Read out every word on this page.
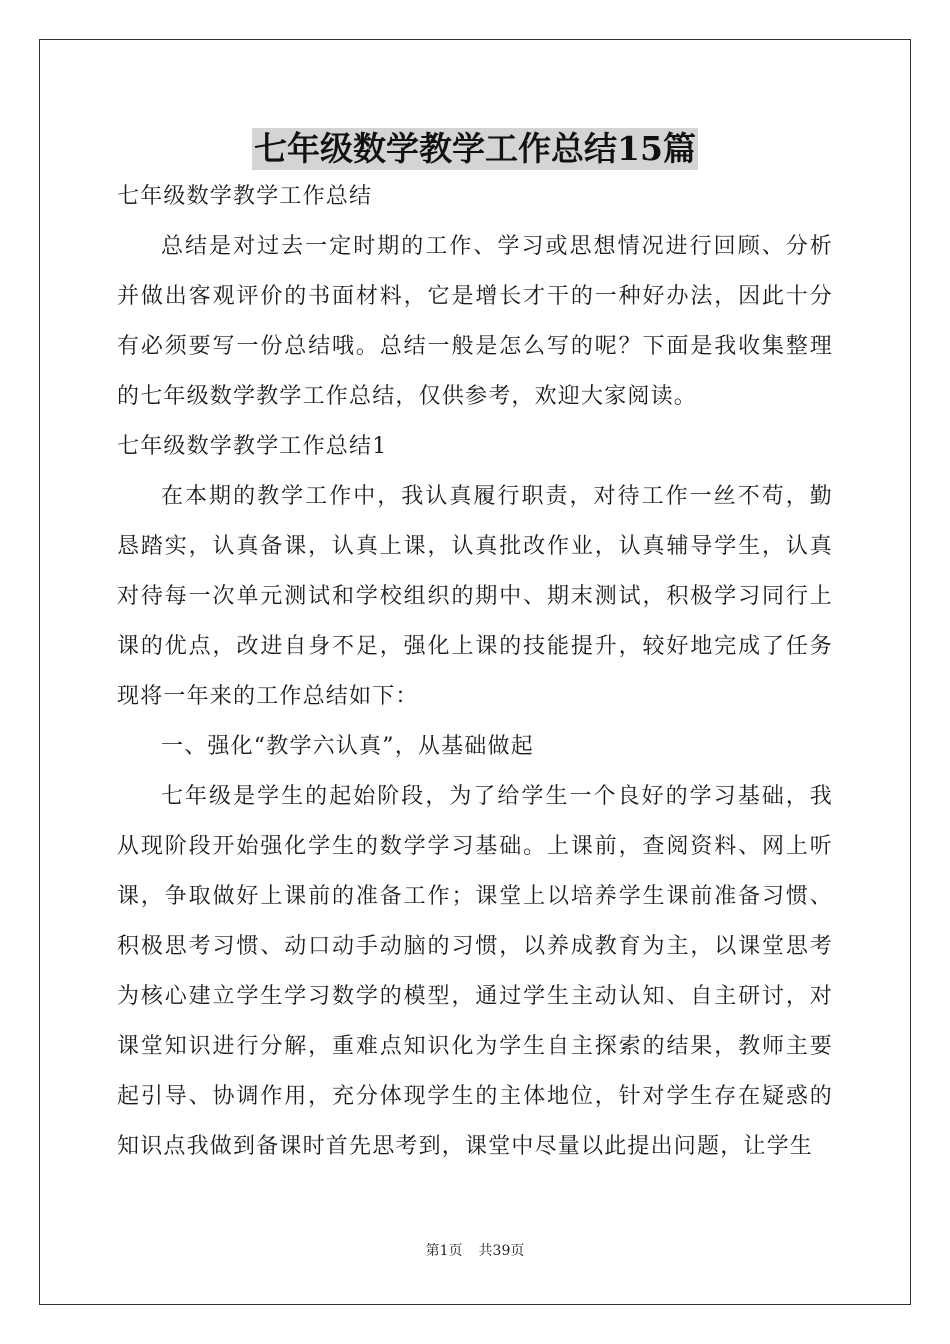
七年级数学教学工作总结15篇

七年级数学教学工作总结

总结是对过去一定时期的工作、学习或思想情况进行回顾、分析并做出客观评价的书面材料，它是增长才干的一种好办法，因此十分有必须要写一份总结哦。总结一般是怎么写的呢？下面是我收集整理的七年级数学教学工作总结，仅供参考，欢迎大家阅读。

七年级数学教学工作总结1

在本期的教学工作中，我认真履行职责，对待工作一丝不苟，勤恳踏实，认真备课，认真上课，认真批改作业，认真辅导学生，认真对待每一次单元测试和学校组织的期中、期末测试，积极学习同行上课的优点，改进自身不足，强化上课的技能提升，较好地完成了任务现将一年来的工作总结如下：

一、强化“教学六认真”，从基础做起

七年级是学生的起始阶段，为了给学生一个良好的学习基础，我从现阶段开始强化学生的数学学习基础。上课前，查阅资料、网上听课，争取做好上课前的准备工作；课堂上以培养学生课前准备习惯、积极思考习惯、动口动手动脑的习惯，以养成教育为主，以课堂思考为核心建立学生学习数学的模型，通过学生主动认知、自主研讨，对课堂知识进行分解，重难点知识化为学生自主探索的结果，教师主要起引导、协调作用，充分体现学生的主体地位，针对学生存在疑惑的知识点我做到备课时首先思考到，课堂中尽量以此提出问题，让学生

第1页 共39页
